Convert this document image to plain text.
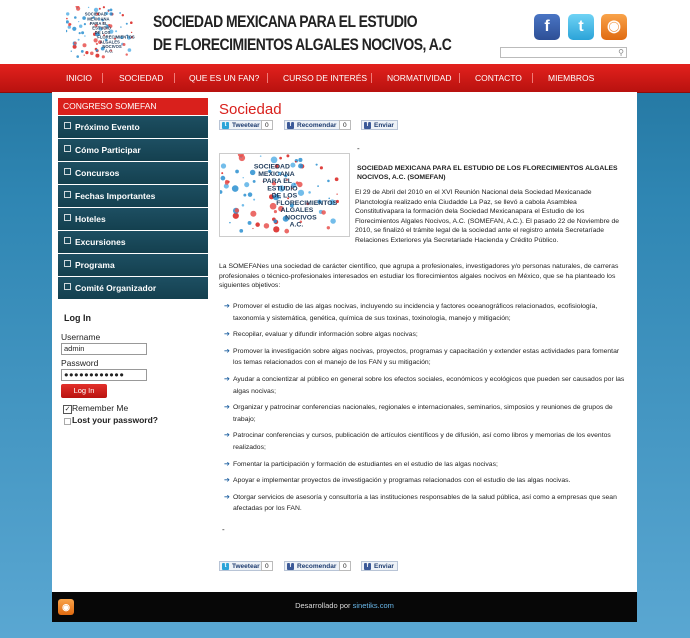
SOCIEDAD
MEXICANA
PARA EL
ESTUDIO
DE LOS
FLORECIMIENTOS
ALGALES
NOCIVOS
A.C.
SOCIEDAD MEXICANA PARA EL ESTUDIO
DE FLORECIMIENTOS ALGALES NOCIVOS, A.C
f	t	◉
⚲
INICIO	SOCIEDAD	QUE ES UN FAN?	CURSO DE INTERÉS NORMATIVIDAD	CONTACTO	MIEMBROS
CONGRESO SOMEFAN
Próximo Evento
Cómo Participar
Concursos
Fechas Importantes
Hoteles
Excursiones
Programa
Comité Organizador
Log In
Username
admin
Password
●●●●●●●●●●●●
Log In
✓ Remember Me
Lost your password?
Sociedad
t Tweetear 0	f Recomendar	0	f Enviar
-
SOCIEDAD
MEXICANA
PARA EL
ESTUDIO
DE LOS
FLORECIMIENTOS
ALGALES
NOCIVOS
A.C.
SOCIEDAD MEXICANA PARA EL ESTUDIO DE LOS FLORECIMIENTOS ALGALES NOCIVOS, A.C. (SOMEFAN)
El 29 de Abril del 2010 en el XVI Reunión Nacional dela Sociedad Mexicanade Planctología realizado enla Ciudadde La Paz, se llevó a cabola Asamblea Constitutivapara la formación dela Sociedad Mexicanapara el Estudio de los Florecimientos Algales Nocivos, A.C. (SOMEFAN, A.C.). El pasado 22 de Noviembre de 2010, se finalizó el trámite legal de la sociedad ante el registro antela Secretaríade Relaciones Exteriores yla Secretaríade Hacienda y Crédito Público.
La SOMEFANes una sociedad de carácter científico, que agrupa a profesionales, investigadores y/o personas naturales, de carreras profesionales o técnico-profesionales interesados en estudiar los florecimientos algales nocivos en México, que se ha planteado los siguientes objetivos:
➔ Promover el estudio de las algas nocivas, incluyendo su incidencia y factores oceanográficos relacionados, ecofisiología, taxonomía y sistemática, genética, química de sus toxinas, toxinología, manejo y mitigación;
➔ Recopilar, evaluar y difundir información sobre algas nocivas;
➔ Promover la investigación sobre algas nocivas, proyectos, programas y capacitación y extender estas actividades para fomentar los temas relacionados con el manejo de los FAN y su mitigación;
➔ Ayudar a concientizar al público en general sobre los efectos sociales, económicos y ecológicos que pueden ser causados por las algas nocivas;
➔ Organizar y patrocinar conferencias nacionales, regionales e internacionales, seminarios, simposios y reuniones de grupos de trabajo;
➔ Patrocinar conferencias y cursos, publicación de artículos científicos y de difusión, así como libros y memorias de los eventos realizados;
➔ Fomentar la participación y formación de estudiantes en el estudio de las algas nocivas;
➔ Apoyar e implementar proyectos de investigación y programas relacionados con el estudio de las algas nocivas.
➔ Otorgar servicios de asesoría y consultoría a las instituciones responsables de la salud pública, así como a empresas que sean afectadas por los FAN.
-
t Tweetear 0	f Recomendar	0	f Enviar
◉	Desarrollado por sinetiks.com
